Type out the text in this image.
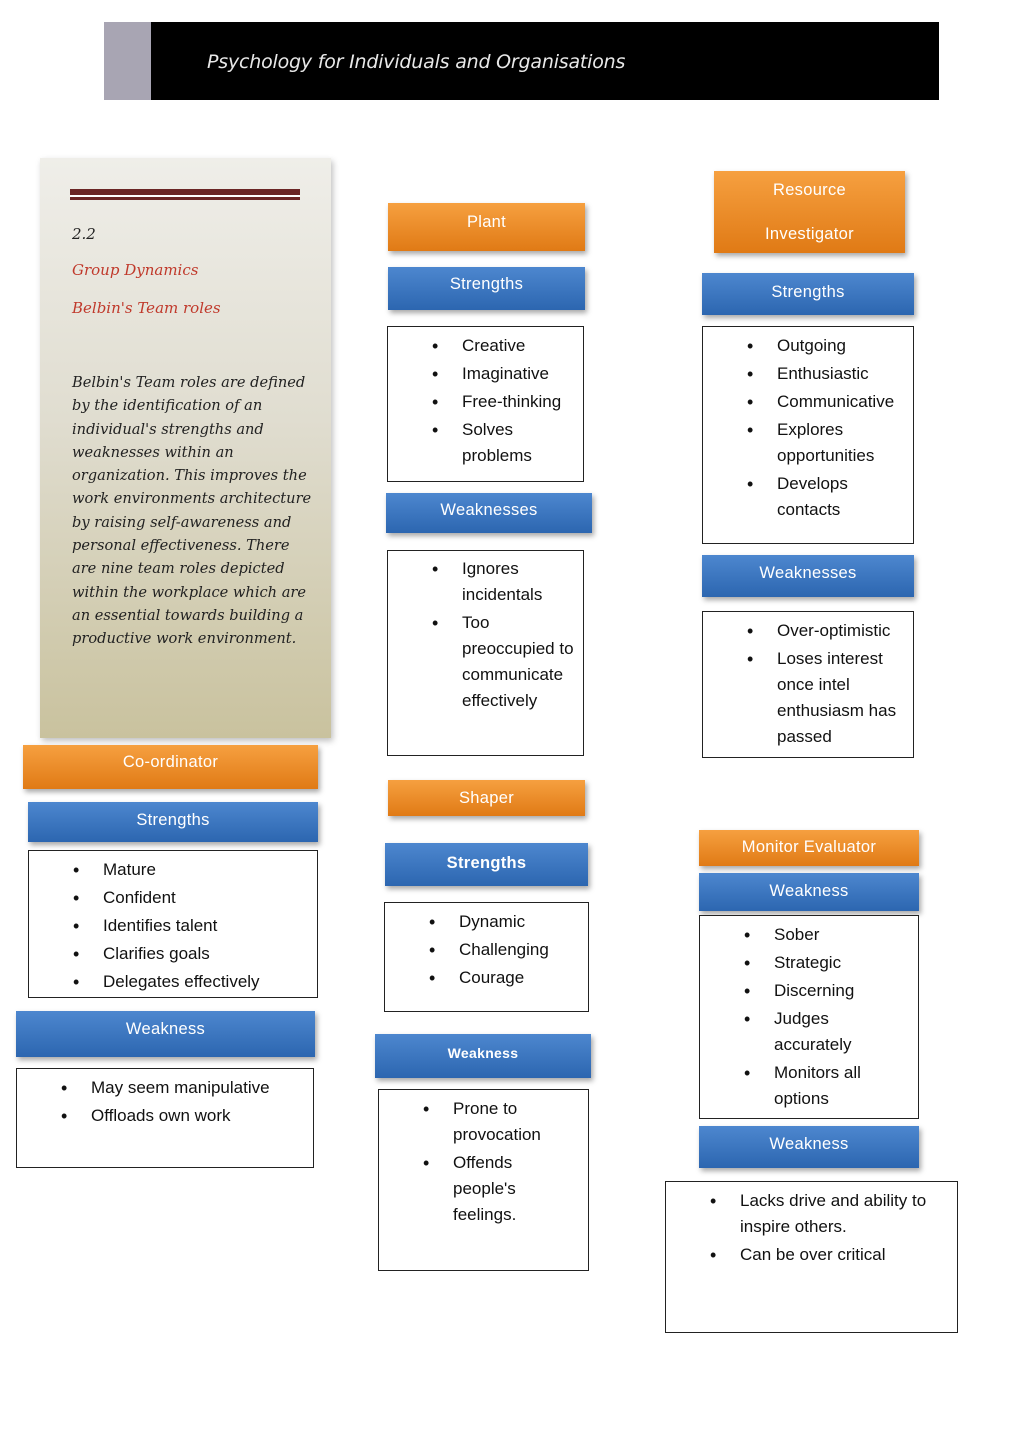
Psychology for Individuals and Organisations
2.2
Group Dynamics
Belbin's Team roles
Belbin's Team roles are defined by the identification of an individual's strengths and weaknesses within an organization. This improves the work environments architecture by raising self-awareness and personal effectiveness. There are nine team roles depicted within the workplace which are an essential towards building a productive work environment.
Plant
Strengths
• Creative
• Imaginative
• Free-thinking
• Solves problems
Weaknesses
• Ignores incidentals
• Too preoccupied to communicate effectively
Resource
Investigator
Strengths
• Outgoing
• Enthusiastic
• Communicative
• Explores opportunities
• Develops contacts
Weaknesses
• Over-optimistic
• Loses interest once intel enthusiasm has passed
Co-ordinator
Strengths
• Mature
• Confident
• Identifies talent
• Clarifies goals
• Delegates effectively
Weakness
• May seem manipulative
• Offloads own work
Shaper
Strengths
• Dynamic
• Challenging
• Courage
Weakness
• Prone to provocation
• Offends people's feelings.
Monitor Evaluator
Weakness
• Sober
• Strategic
• Discerning
• Judges accurately
• Monitors all options
Weakness
• Lacks drive and ability to inspire others.
• Can be over critical
